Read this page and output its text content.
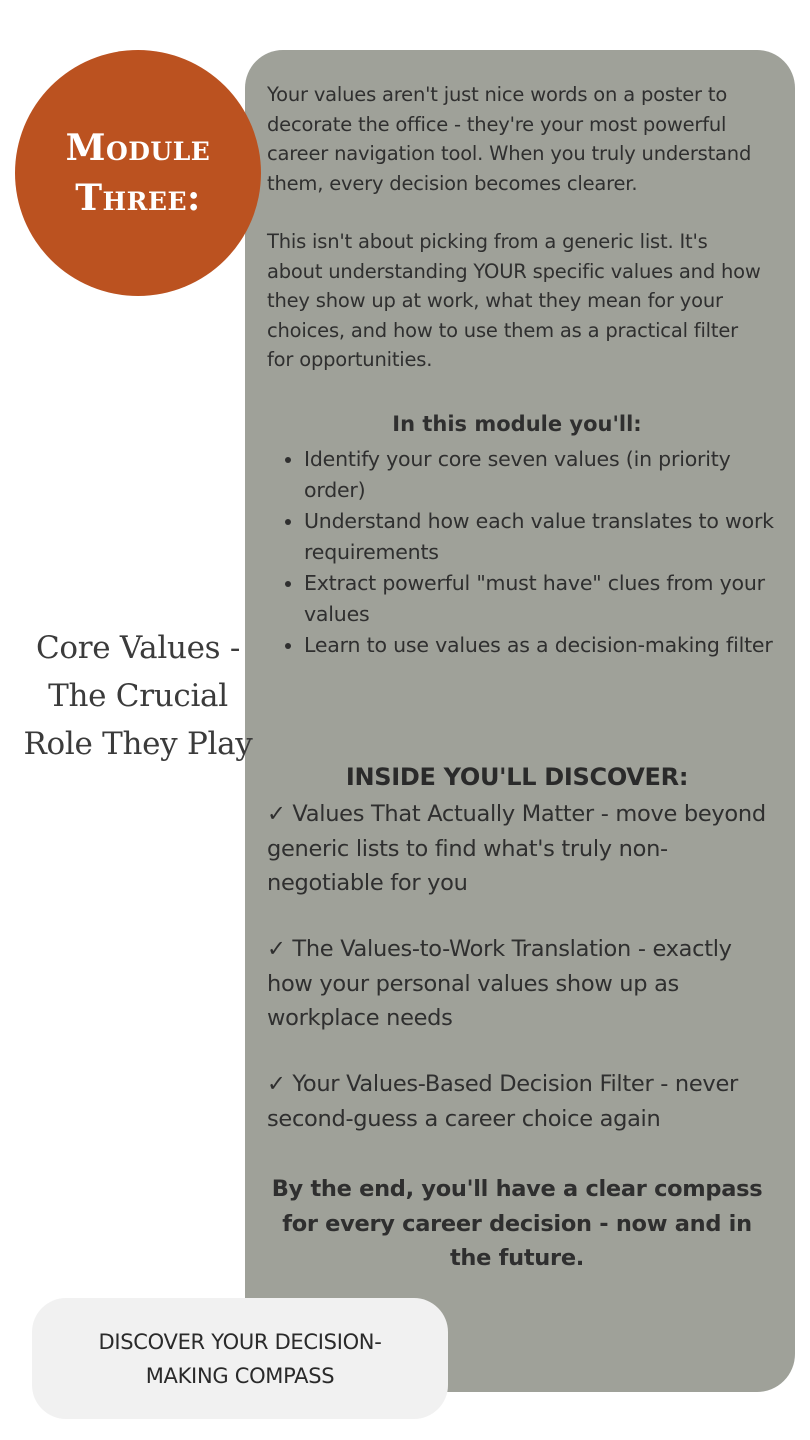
Module
Three:
Core Values - The Crucial Role They Play

Your values aren't just nice words on a poster to decorate the office - they're your most powerful career navigation tool. When you truly understand them, every decision becomes clearer.

This isn't about picking from a generic list. It's about understanding YOUR specific values and how they show up at work, what they mean for your choices, and how to use them as a practical filter for opportunities.

In this module you'll:
• Identify your core seven values (in priority order)
• Understand how each value translates to work requirements
• Extract powerful "must have" clues from your values
• Learn to use values as a decision-making filter
INSIDE YOU'LL DISCOVER:
✓ Values That Actually Matter - move beyond generic lists to find what's truly non-negotiable for you
✓ The Values-to-Work Translation - exactly how your personal values show up as workplace needs
✓ Your Values-Based Decision Filter - never second-guess a career choice again
By the end, you'll have a clear compass for every career decision - now and in the future.
DISCOVER YOUR DECISION-MAKING COMPASS
